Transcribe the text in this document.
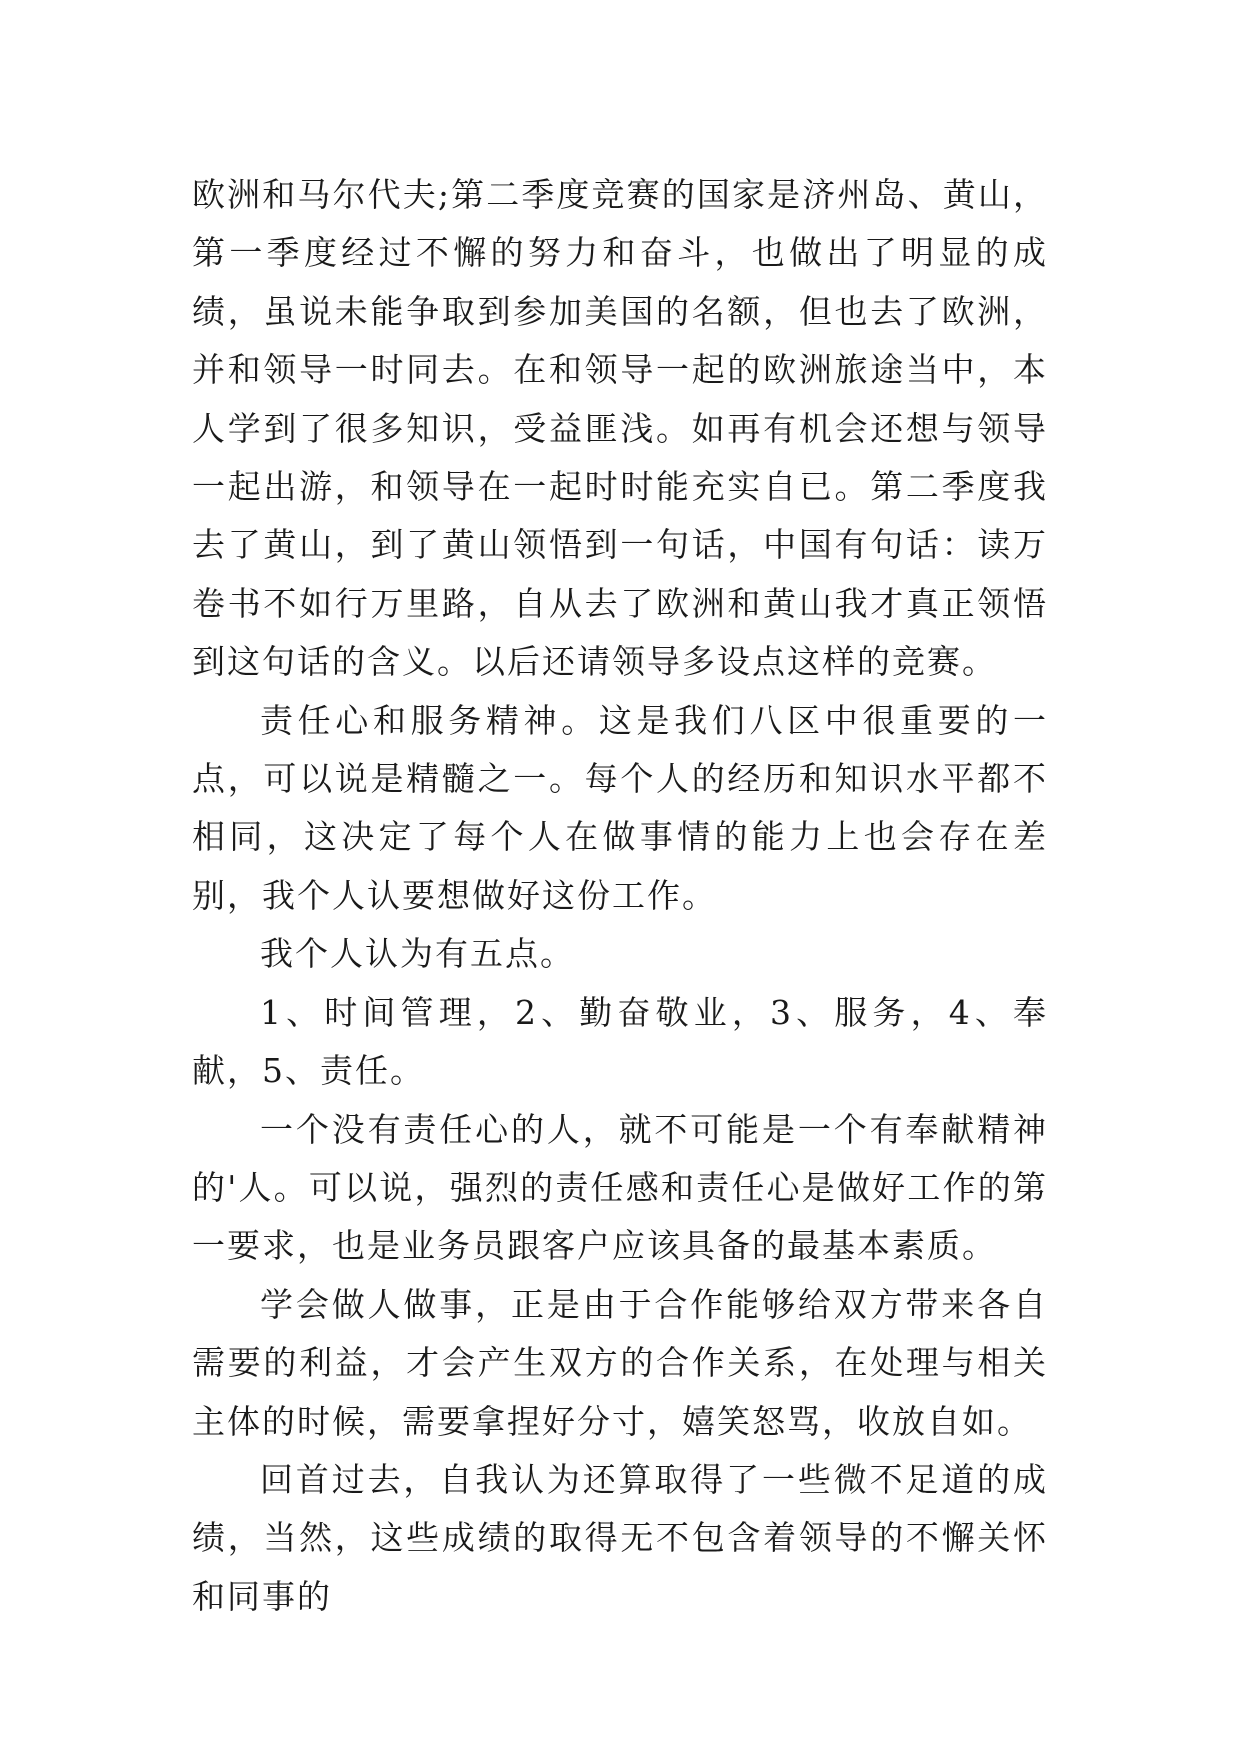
欧洲和马尔代夫;第二季度竞赛的国家是济州岛、黄山，第一季度经过不懈的努力和奋斗，也做出了明显的成绩，虽说未能争取到参加美国的名额，但也去了欧洲，并和领导一时同去。在和领导一起的欧洲旅途当中，本人学到了很多知识，受益匪浅。如再有机会还想与领导一起出游，和领导在一起时时能充实自已。第二季度我去了黄山，到了黄山领悟到一句话，中国有句话：读万卷书不如行万里路，自从去了欧洲和黄山我才真正领悟到这句话的含义。以后还请领导多设点这样的竞赛。

责任心和服务精神。这是我们八区中很重要的一点，可以说是精髓之一。每个人的经历和知识水平都不相同，这决定了每个人在做事情的能力上也会存在差别，我个人认要想做好这份工作。

我个人认为有五点。

1、时间管理，2、勤奋敬业，3、服务，4、奉献，5、责任。

一个没有责任心的人，就不可能是一个有奉献精神的'人。可以说，强烈的责任感和责任心是做好工作的第一要求，也是业务员跟客户应该具备的最基本素质。

学会做人做事，正是由于合作能够给双方带来各自需要的利益，才会产生双方的合作关系，在处理与相关主体的时候，需要拿捏好分寸，嬉笑怒骂，收放自如。

回首过去，自我认为还算取得了一些微不足道的成绩，当然，这些成绩的取得无不包含着领导的不懈关怀和同事的
